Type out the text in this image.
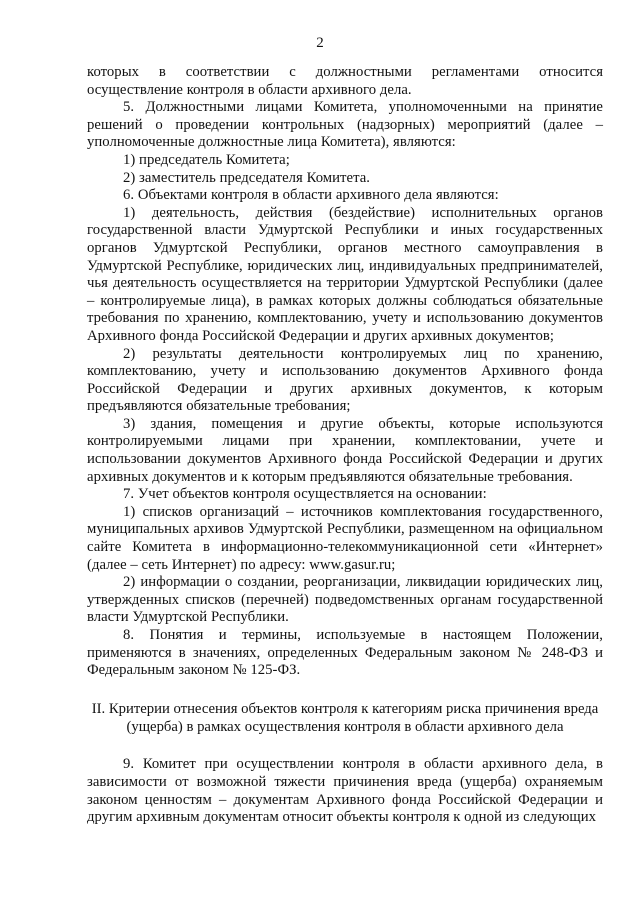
2

которых в соответствии с должностными регламентами относится осуществление контроля в области архивного дела.

5. Должностными лицами Комитета, уполномоченными на принятие решений о проведении контрольных (надзорных) мероприятий (далее – уполномоченные должностные лица Комитета), являются:

1) председатель Комитета;

2) заместитель председателя Комитета.

6. Объектами контроля в области архивного дела являются:

1) деятельность, действия (бездействие) исполнительных органов государственной власти Удмуртской Республики и иных государственных органов Удмуртской Республики, органов местного самоуправления в Удмуртской Республике, юридических лиц, индивидуальных предпринимателей, чья деятельность осуществляется на территории Удмуртской Республики (далее – контролируемые лица), в рамках которых должны соблюдаться обязательные требования по хранению, комплектованию, учету и использованию документов Архивного фонда Российской Федерации и других архивных документов;

2) результаты деятельности контролируемых лиц по хранению, комплектованию, учету и использованию документов Архивного фонда Российской Федерации и других архивных документов, к которым предъявляются обязательные требования;

3) здания, помещения и другие объекты, которые используются контролируемыми лицами при хранении, комплектовании, учете и использовании документов Архивного фонда Российской Федерации и других архивных документов и к которым предъявляются обязательные требования.

7. Учет объектов контроля осуществляется на основании:

1) списков организаций – источников комплектования государственного, муниципальных архивов Удмуртской Республики, размещенном на официальном сайте Комитета в информационно-телекоммуникационной сети «Интернет» (далее – сеть Интернет) по адресу: www.gasur.ru;

2) информации о создании, реорганизации, ликвидации юридических лиц, утвержденных списков (перечней) подведомственных органам государственной власти Удмуртской Республики.

8. Понятия и термины, используемые в настоящем Положении, применяются в значениях, определенных Федеральным законом № 248-ФЗ и Федеральным законом № 125-ФЗ.

II. Критерии отнесения объектов контроля к категориям риска причинения вреда (ущерба) в рамках осуществления контроля в области архивного дела

9. Комитет при осуществлении контроля в области архивного дела, в зависимости от возможной тяжести причинения вреда (ущерба) охраняемым законом ценностям – документам Архивного фонда Российской Федерации и другим архивным документам относит объекты контроля к одной из следующих
